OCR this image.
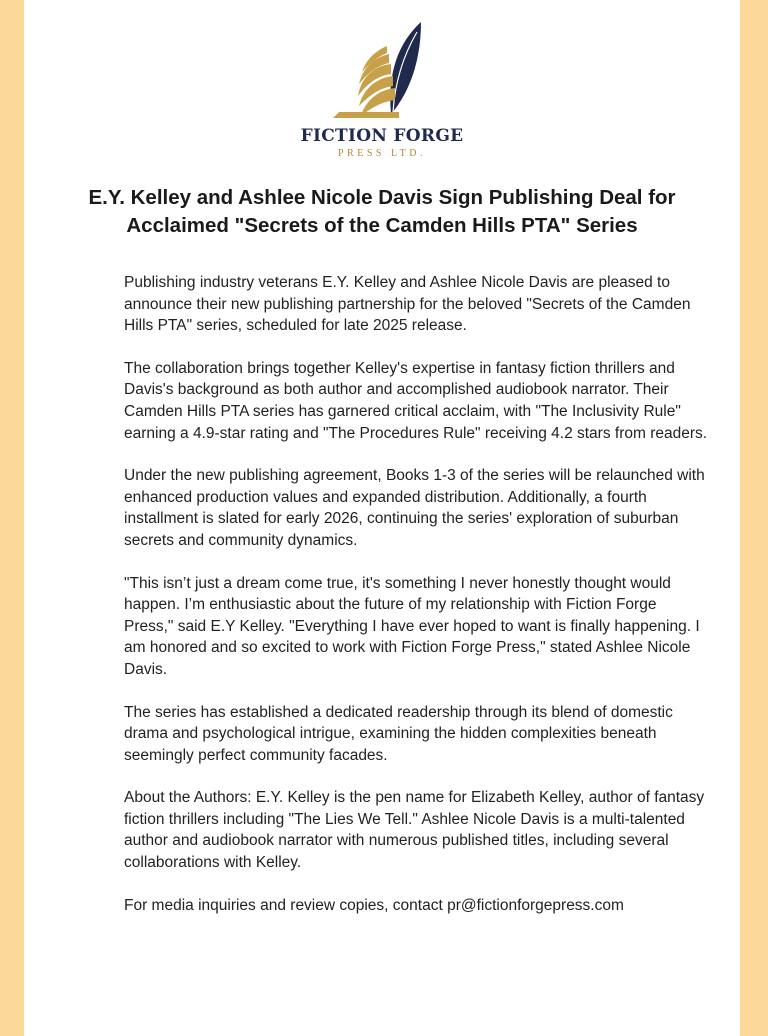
FICTION FORGE
PRESS LTD.
E.Y. Kelley and Ashlee Nicole Davis Sign Publishing Deal for Acclaimed "Secrets of the Camden Hills PTA" Series

Publishing industry veterans E.Y. Kelley and Ashlee Nicole Davis are pleased to announce their new publishing partnership for the beloved "Secrets of the Camden Hills PTA" series, scheduled for late 2025 release.

The collaboration brings together Kelley's expertise in fantasy fiction thrillers and Davis's background as both author and accomplished audiobook narrator. Their Camden Hills PTA series has garnered critical acclaim, with "The Inclusivity Rule" earning a 4.9-star rating and "The Procedures Rule" receiving 4.2 stars from readers.

Under the new publishing agreement, Books 1-3 of the series will be relaunched with enhanced production values and expanded distribution. Additionally, a fourth installment is slated for early 2026, continuing the series' exploration of suburban secrets and community dynamics.

"This isn’t just a dream come true, it's something I never honestly thought would happen. I’m enthusiastic about the future of my relationship with Fiction Forge Press," said E.Y Kelley. "Everything I have ever hoped to want is finally happening. I am honored and so excited to work with Fiction Forge Press," stated Ashlee Nicole Davis.

The series has established a dedicated readership through its blend of domestic drama and psychological intrigue, examining the hidden complexities beneath seemingly perfect community facades.

About the Authors: E.Y. Kelley is the pen name for Elizabeth Kelley, author of fantasy fiction thrillers including "The Lies We Tell." Ashlee Nicole Davis is a multi-talented author and audiobook narrator with numerous published titles, including several collaborations with Kelley.

For media inquiries and review copies, contact pr@fictionforgepress.com
